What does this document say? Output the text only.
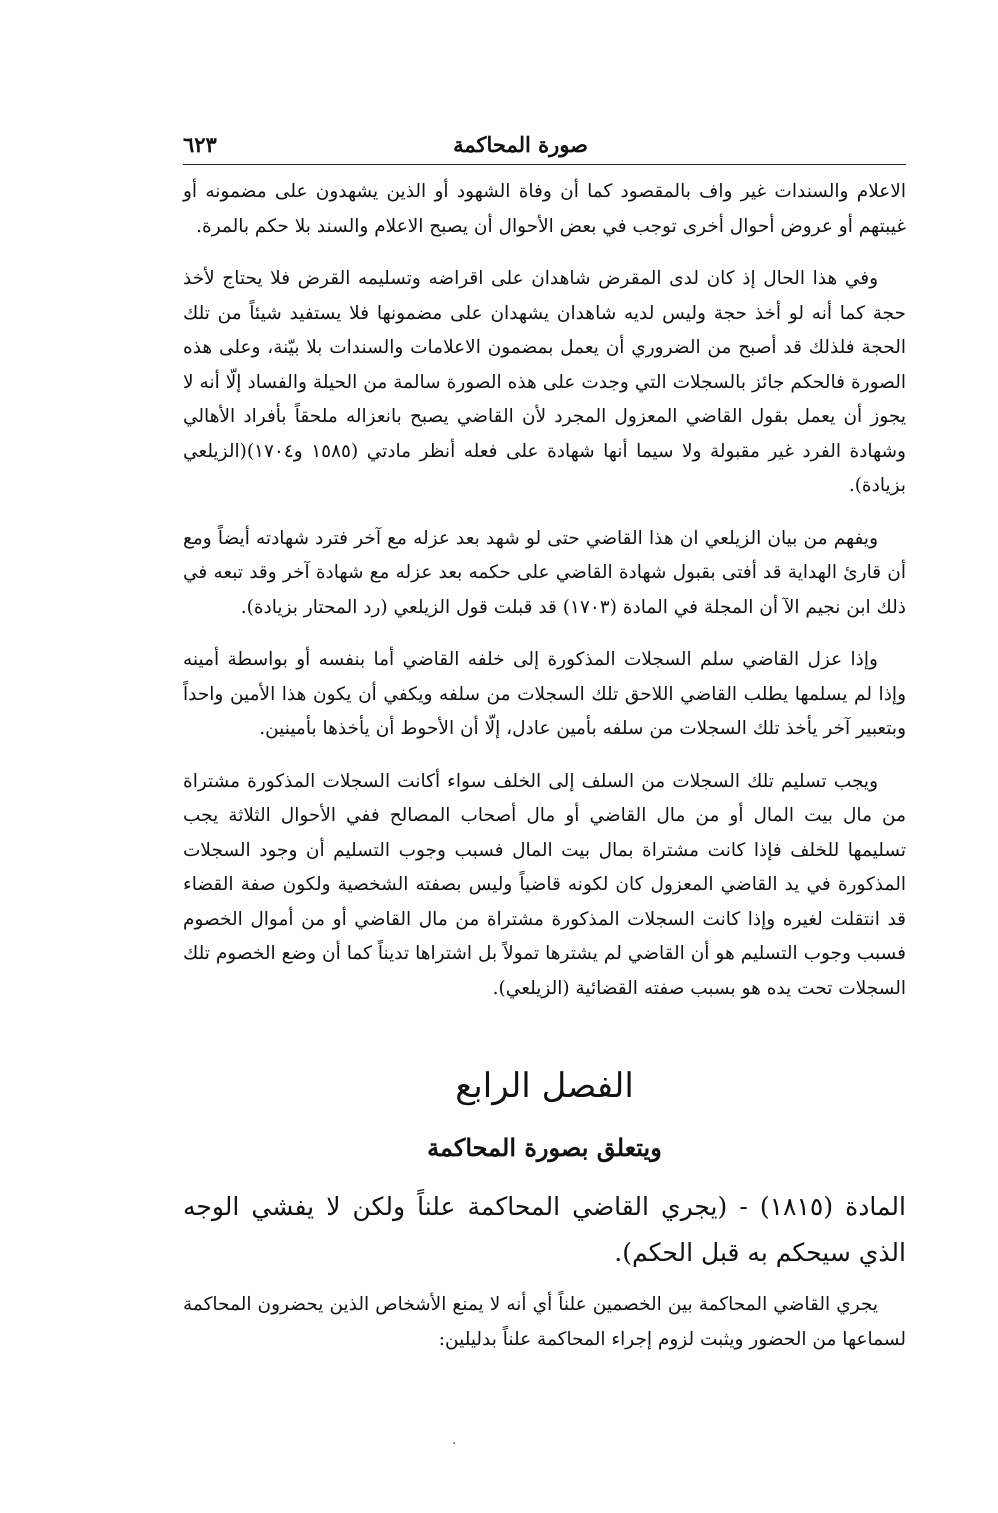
صورة المحاكمة
٦٢٣

الاعلام والسندات غير واف بالمقصود كما أن وفاة الشهود أو الذين يشهدون على مضمونه أو غيبتهم أو عروض أحوال أخرى توجب في بعض الأحوال أن يصبح الاعلام والسند بلا حكم بالمرة.

وفي هذا الحال إذ كان لدى المقرض شاهدان على اقراضه وتسليمه القرض فلا يحتاج لأخذ حجة كما أنه لو أخذ حجة وليس لديه شاهدان يشهدان على مضمونها فلا يستفيد شيئاً من تلك الحجة فلذلك قد أصبح من الضروري أن يعمل بمضمون الاعلامات والسندات بلا بيّنة، وعلى هذه الصورة فالحكم جائز بالسجلات التي وجدت على هذه الصورة سالمة من الحيلة والفساد إلّا أنه لا يجوز أن يعمل بقول القاضي المعزول المجرد لأن القاضي يصبح بانعزاله ملحقاً بأفراد الأهالي وشهادة الفرد غير مقبولة ولا سيما أنها شهادة على فعله أنظر مادتي (١٥٨٥ و١٧٠٤)(الزيلعي بزيادة).

ويفهم من بيان الزيلعي ان هذا القاضي حتى لو شهد بعد عزله مع آخر فترد شهادته أيضاً ومع أن قارئ الهداية قد أفتى بقبول شهادة القاضي على حكمه بعد عزله مع شهادة آخر وقد تبعه في ذلك ابن نجيم الآ أن المجلة في المادة (١٧٠٣) قد قبلت قول الزيلعي (رد المحتار بزيادة).

وإذا عزل القاضي سلم السجلات المذكورة إلى خلفه القاضي أما بنفسه أو بواسطة أمينه وإذا لم يسلمها يطلب القاضي اللاحق تلك السجلات من سلفه ويكفي أن يكون هذا الأمين واحداً وبتعبير آخر يأخذ تلك السجلات من سلفه بأمين عادل، إلّا أن الأحوط أن يأخذها بأمينين.

ويجب تسليم تلك السجلات من السلف إلى الخلف سواء أكانت السجلات المذكورة مشتراة من مال بيت المال أو من مال القاضي أو مال أصحاب المصالح ففي الأحوال الثلاثة يجب تسليمها للخلف فإذا كانت مشتراة بمال بيت المال فسبب وجوب التسليم أن وجود السجلات المذكورة في يد القاضي المعزول كان لكونه قاضياً وليس بصفته الشخصية ولكون صفة القضاء قد انتقلت لغيره وإذا كانت السجلات المذكورة مشتراة من مال القاضي أو من أموال الخصوم فسبب وجوب التسليم هو أن القاضي لم يشترها تمولاً بل اشتراها تديناً كما أن وضع الخصوم تلك السجلات تحت يده هو بسبب صفته القضائية (الزيلعي).

الفصل الرابع
ويتعلق بصورة المحاكمة
المادة (١٨١٥) - (يجري القاضي المحاكمة علناً ولكن لا يفشي الوجه الذي سيحكم به قبل الحكم).
يجري القاضي المحاكمة بين الخصمين علناً أي أنه لا يمنع الأشخاص الذين يحضرون المحاكمة لسماعها من الحضور ويثبت لزوم إجراء المحاكمة علناً بدليلين:
.
